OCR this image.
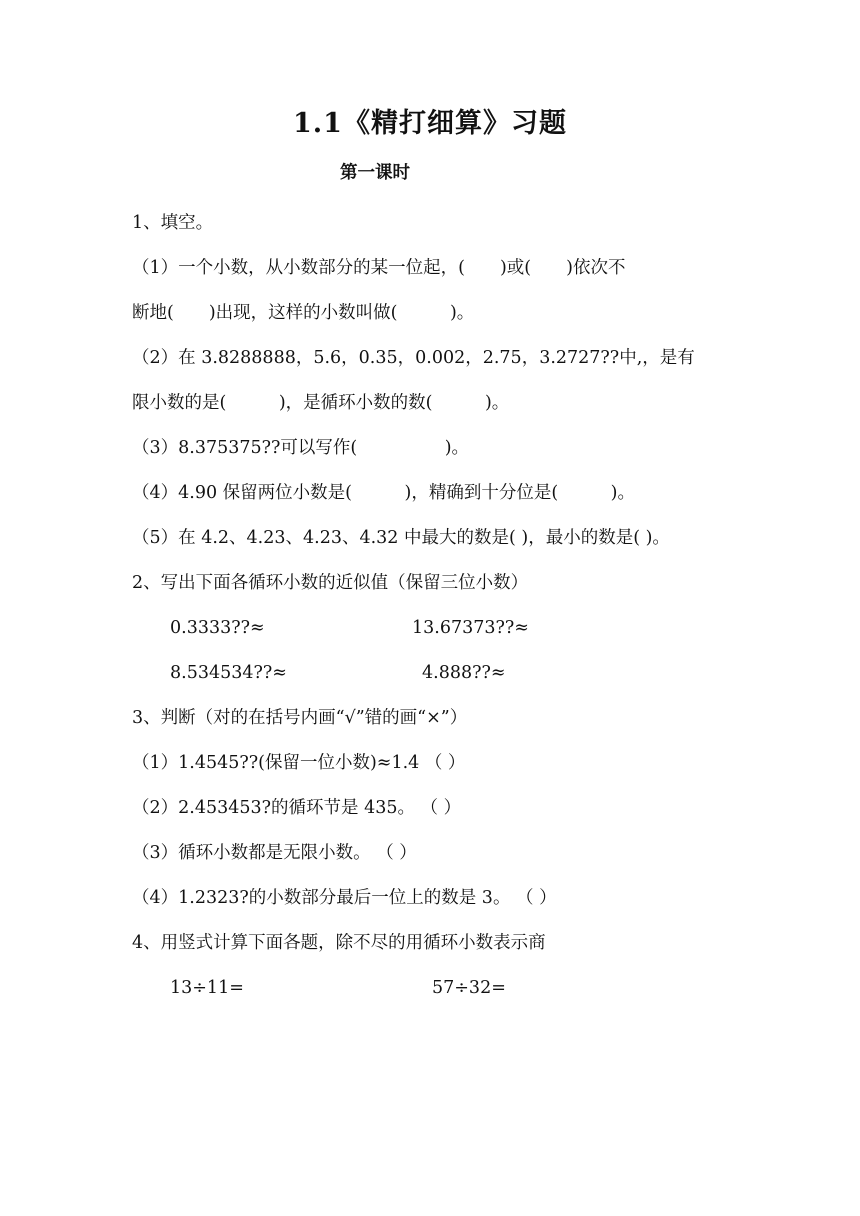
1.1《精打细算》习题
第一课时
1、填空。
（1）一个小数，从小数部分的某一位起，(　　)或(　　)依次不
断地(　　)出现，这样的小数叫做(　　　)。
（2）在 3.8288888，5.6，0.35，0.002，2.75，3.2727??中,，是有
限小数的是(　　　)，是循环小数的数(　　　)。
（3）8.375375??可以写作(　　　　　)。
（4）4.90 保留两位小数是(　　　)，精确到十分位是(　　　)。
（5）在 4.2、4.23、4.23、4.32 中最大的数是( )，最小的数是( )。
2、写出下面各循环小数的近似值（保留三位小数）
0.3333??≈	13.67373??≈
8.534534??≈	4.888??≈
3、判断（对的在括号内画“√”错的画“×”）
（1）1.4545??(保留一位小数)≈1.4 （ ）
（2）2.453453?的循环节是 435。 （ ）
（3）循环小数都是无限小数。 （ ）
（4）1.2323?的小数部分最后一位上的数是 3。 （ ）
4、用竖式计算下面各题，除不尽的用循环小数表示商
13÷11=	57÷32=
